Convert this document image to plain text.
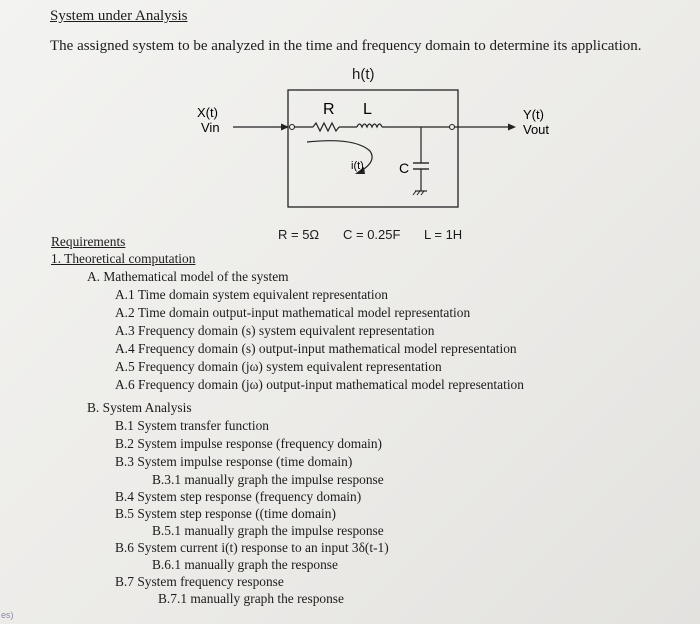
System under Analysis
The assigned system to be analyzed in the time and frequency domain to determine its application.
h(t)
X(t)
Vin
R L
C
i(t)
Y(t)
Vout
R = 5Ω C = 0.25F L = 1H
Requirements
1. Theoretical computation
A. Mathematical model of the system
A.1 Time domain system equivalent representation
A.2 Time domain output-input mathematical model representation
A.3 Frequency domain (s) system equivalent representation
A.4 Frequency domain (s) output-input mathematical model representation
A.5 Frequency domain (jω) system equivalent representation
A.6 Frequency domain (jω) output-input mathematical model representation
B. System Analysis
B.1 System transfer function
B.2 System impulse response (frequency domain)
B.3 System impulse response (time domain)
B.3.1 manually graph the impulse response
B.4 System step response (frequency domain)
B.5 System step response ((time domain)
B.5.1 manually graph the impulse response
B.6 System current i(t) response to an input 3δ(t-1)
B.6.1 manually graph the response
B.7 System frequency response
B.7.1 manually graph the response
es)
